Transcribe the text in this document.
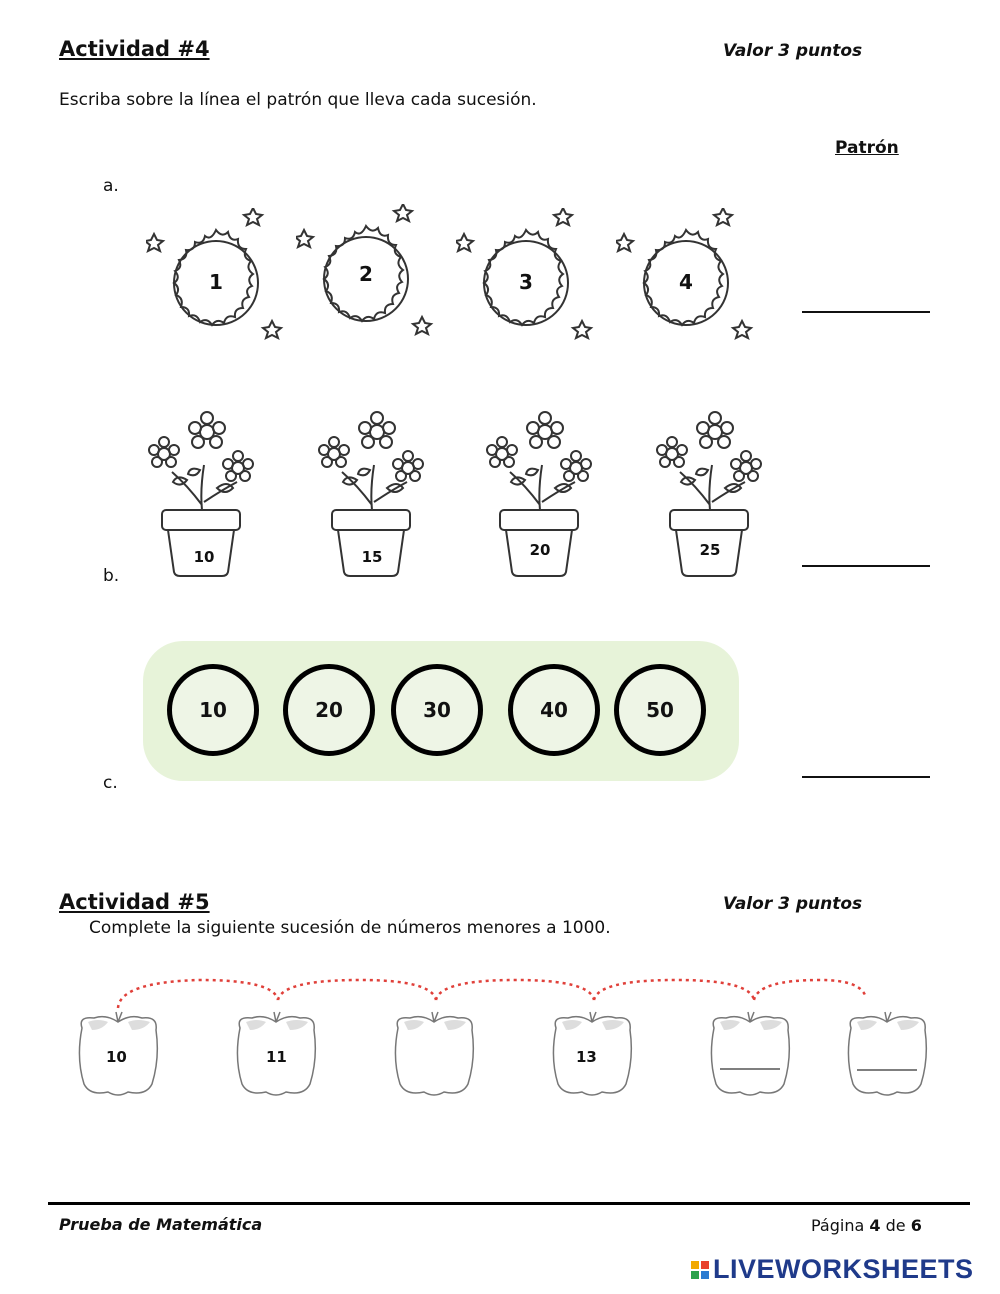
Actividad #4	Valor 3 puntos
Escriba sobre la línea el patrón que lleva cada sucesión.
Patrón
a.
b.
c.
1	2	3	4
10	15	20	25
10	20	30	40	50
Actividad #5	Valor 3 puntos
Complete la siguiente sucesión de números menores a 1000.
10	11	13
Prueba de Matemática	Página 4 de 6
LIVEWORKSHEETS
